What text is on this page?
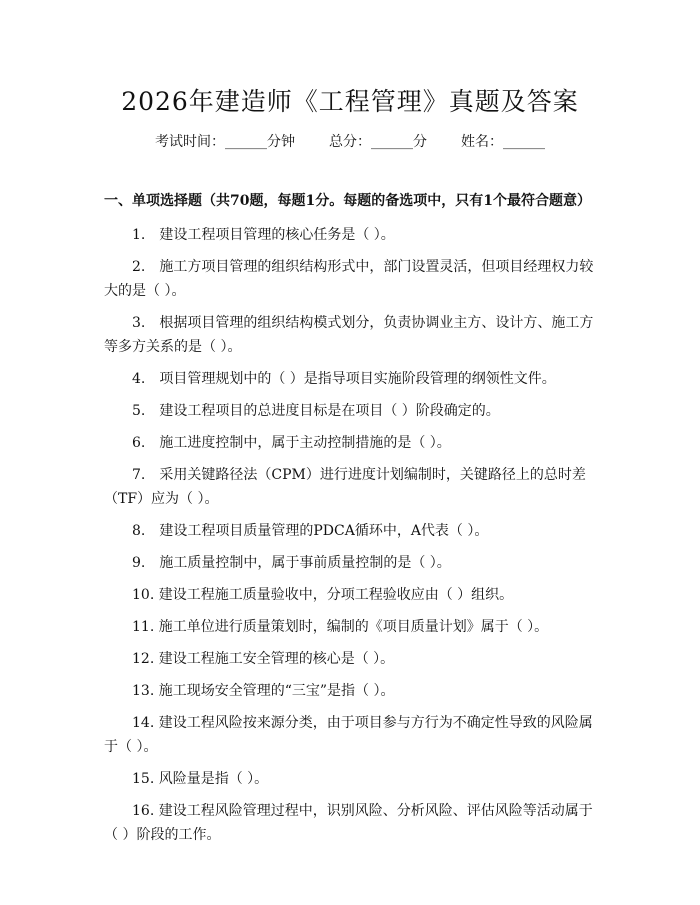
2026年建造师《工程管理》真题及答案
考试时间：______分钟 总分：______分 姓名：______
一、单项选择题（共70题，每题1分。每题的备选项中，只有1个最符合题意）
1.　建设工程项目管理的核心任务是（ ）。
2.　施工方项目管理的组织结构形式中，部门设置灵活，但项目经理权力较大的是（ ）。
3.　根据项目管理的组织结构模式划分，负责协调业主方、设计方、施工方等多方关系的是（ ）。
4.　项目管理规划中的（ ）是指导项目实施阶段管理的纲领性文件。
5.　建设工程项目的总进度目标是在项目（ ）阶段确定的。
6.　施工进度控制中，属于主动控制措施的是（ ）。
7.　采用关键路径法（CPM）进行进度计划编制时，关键路径上的总时差（TF）应为（ ）。
8.　建设工程项目质量管理的PDCA循环中，A代表（ ）。
9.　施工质量控制中，属于事前质量控制的是（ ）。
10. 建设工程施工质量验收中，分项工程验收应由（ ）组织。
11. 施工单位进行质量策划时，编制的《项目质量计划》属于（ ）。
12. 建设工程施工安全管理的核心是（ ）。
13. 施工现场安全管理的“三宝”是指（ ）。
14. 建设工程风险按来源分类，由于项目参与方行为不确定性导致的风险属于（ ）。
15. 风险量是指（ ）。
16. 建设工程风险管理过程中，识别风险、分析风险、评估风险等活动属于（ ）阶段的工作。
